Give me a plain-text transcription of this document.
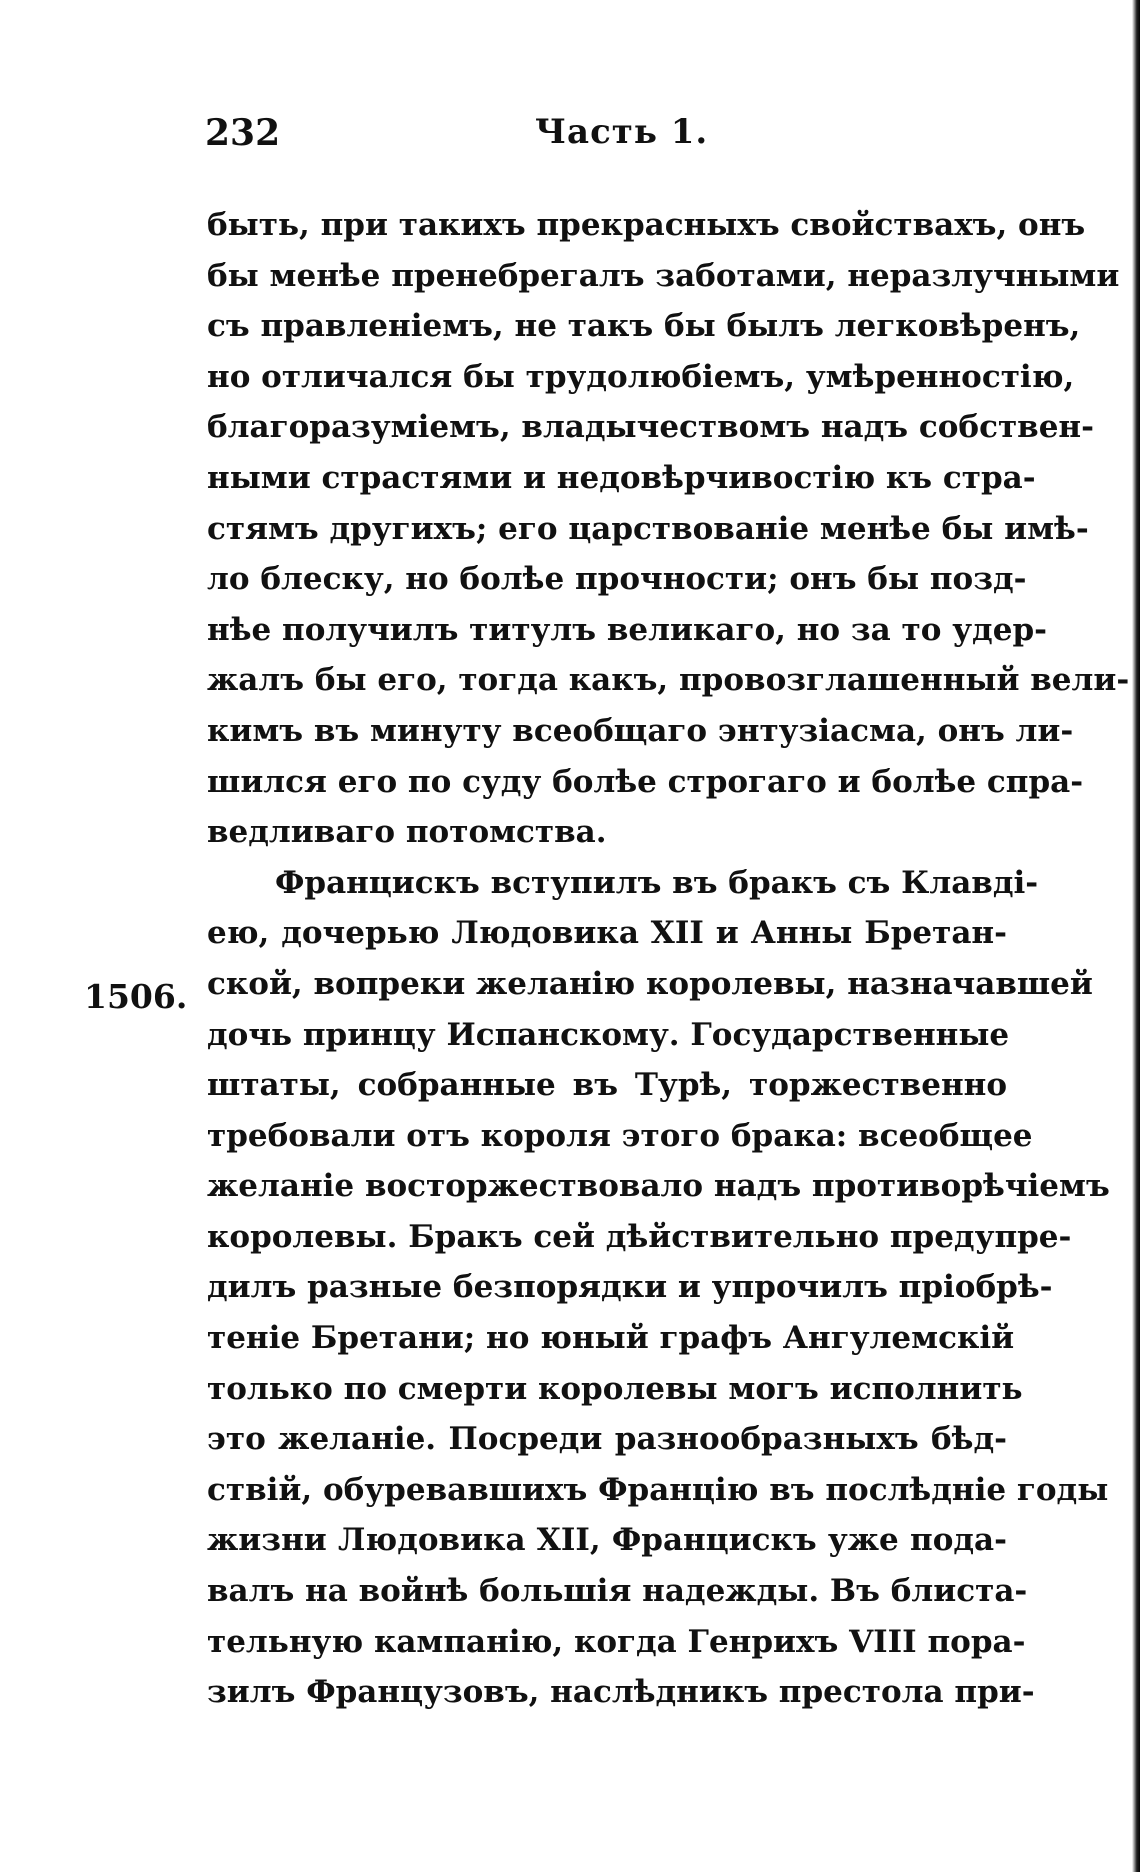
232	Часть 1.
1506.
быть, при такихъ прекрасныхъ свойствахъ, онъ
бы менѣе пренебрегалъ заботами, неразлучными
съ правленіемъ, не такъ бы былъ легковѣренъ,
но отличался бы трудолюбіемъ, умѣренностію,
благоразуміемъ, владычествомъ надъ собствен-
ными страстями и недовѣрчивостію къ стра-
стямъ другихъ; его царствованіе менѣе бы имѣ-
ло блеску, но болѣе прочности; онъ бы позд-
нѣе получилъ титулъ великаго, но за то удер-
жалъ бы его, тогда какъ, провозглашенный вели-
кимъ въ минуту всеобщаго энтузіасма, онъ ли-
шился его по суду болѣе строгаго и болѣе спра-
ведливаго потомства.
Францискъ вступилъ въ бракъ съ Клавді-
ею, дочерью Людовика XII и Анны Бретан-
ской, вопреки желанію королевы, назначавшей
дочь принцу Испанскому. Государственные
штаты, собранные въ Турѣ, торжественно
требовали отъ короля этого брака: всеобщее
желаніе восторжествовало надъ противорѣчіемъ
королевы. Бракъ сей дѣйствительно предупре-
дилъ разные безпорядки и упрочилъ пріобрѣ-
теніе Бретани; но юный графъ Ангулемскій
только по смерти королевы могъ исполнить
это желаніе. Посреди разнообразныхъ бѣд-
ствій, обуревавшихъ Францію въ послѣдніе годы
жизни Людовика XII, Францискъ уже пода-
валъ на войнѣ большія надежды. Въ блиста-
тельную кампанію, когда Генрихъ VIII пора-
зилъ Французовъ, наслѣдникъ престола при-
